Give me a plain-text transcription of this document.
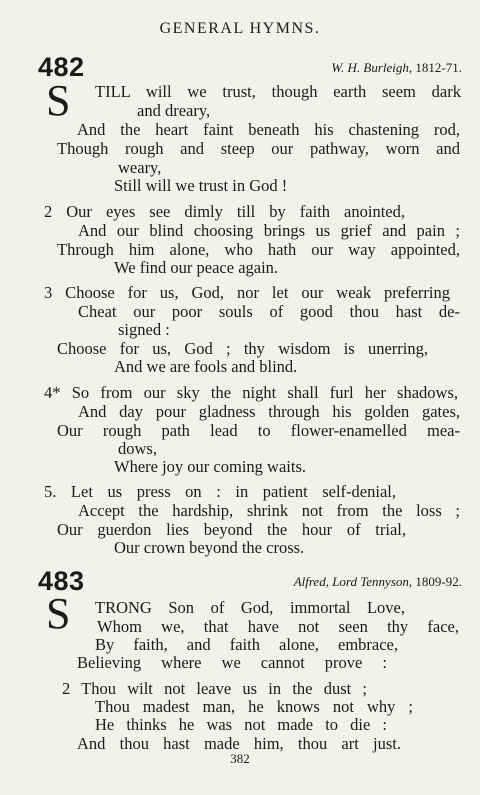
GENERAL HYMNS.
482	W. H. Burleigh, 1812-71.
S TILL will we trust, though earth seem dark
and dreary,
And the heart faint beneath his chastening rod,
Though rough and steep our pathway, worn and
weary,
Still will we trust in God !
2 Our eyes see dimly till by faith anointed,
And our blind choosing brings us grief and pain ;
Through him alone, who hath our way appointed,
We find our peace again.
3 Choose for us, God, nor let our weak preferring
Cheat our poor souls of good thou hast de-
signed :
Choose for us, God ; thy wisdom is unerring,
And we are fools and blind.
4* So from our sky the night shall furl her shadows,
And day pour gladness through his golden gates,
Our rough path lead to flower-enamelled mea-
dows,
Where joy our coming waits.
5. Let us press on : in patient self-denial,
Accept the hardship, shrink not from the loss ;
Our guerdon lies beyond the hour of trial,
Our crown beyond the cross.
483	Alfred, Lord Tennyson, 1809-92.
S TRONG Son of God, immortal Love,
Whom we, that have not seen thy face,
By faith, and faith alone, embrace,
Believing where we cannot prove :
2 Thou wilt not leave us in the dust ;
Thou madest man, he knows not why ;
He thinks he was not made to die :
And thou hast made him, thou art just.
382
